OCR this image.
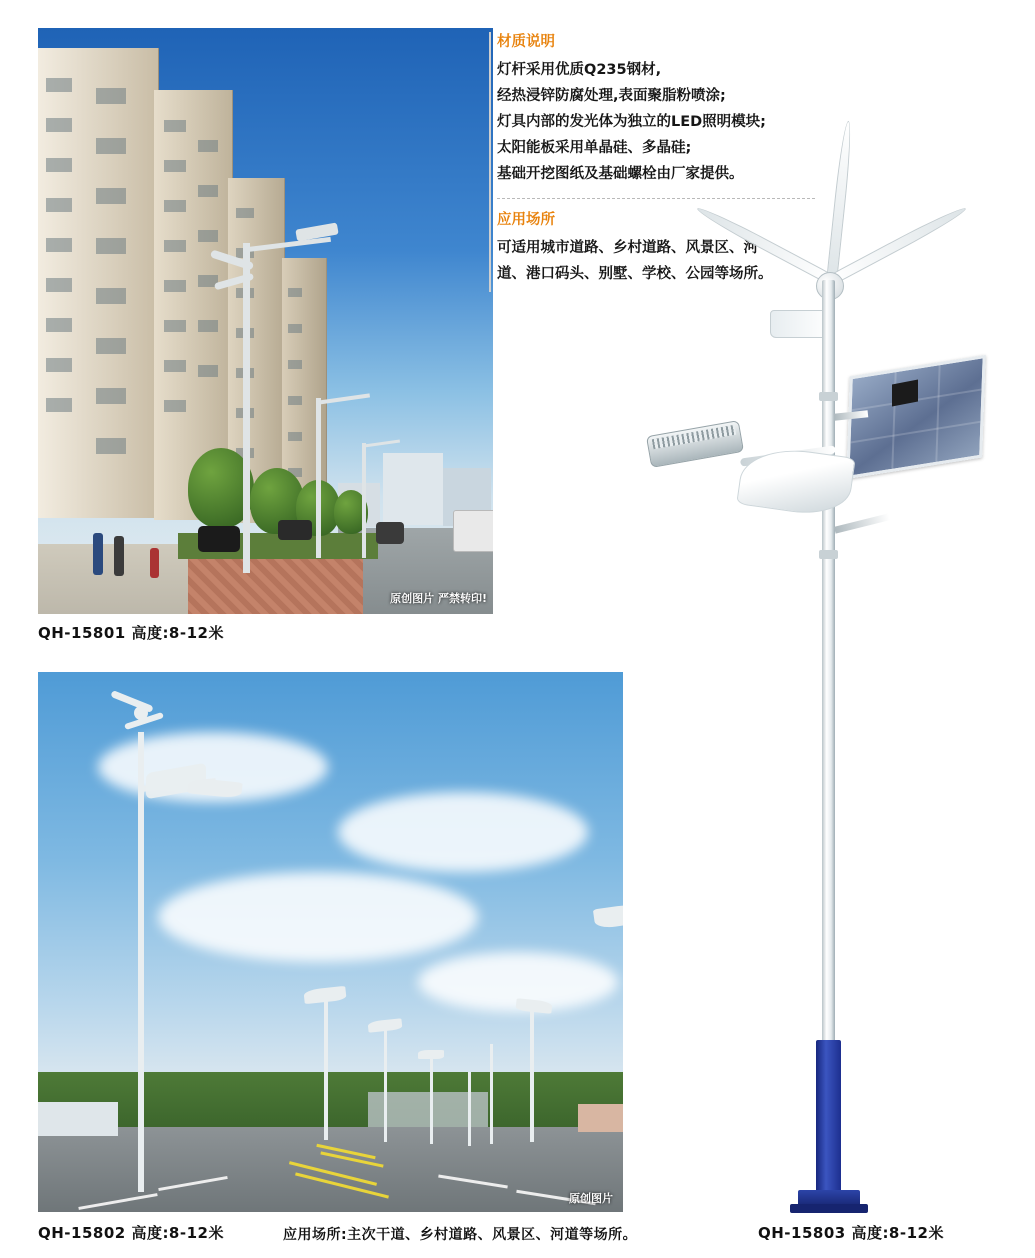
原创图片 严禁转印!
QH-15801 高度:8-12米
材质说明
灯杆采用优质Q235钢材,
经热浸锌防腐处理,表面聚脂粉喷涂;
灯具内部的发光体为独立的LED照明模块;
太阳能板采用单晶硅、多晶硅;
基础开挖图纸及基础螺栓由厂家提供。
应用场所
可适用城市道路、乡村道路、风景区、河
道、港口码头、别墅、学校、公园等场所。
QH-15803 高度:8-12米
原创图片
QH-15802 高度:8-12米	应用场所:主次干道、乡村道路、风景区、河道等场所。
